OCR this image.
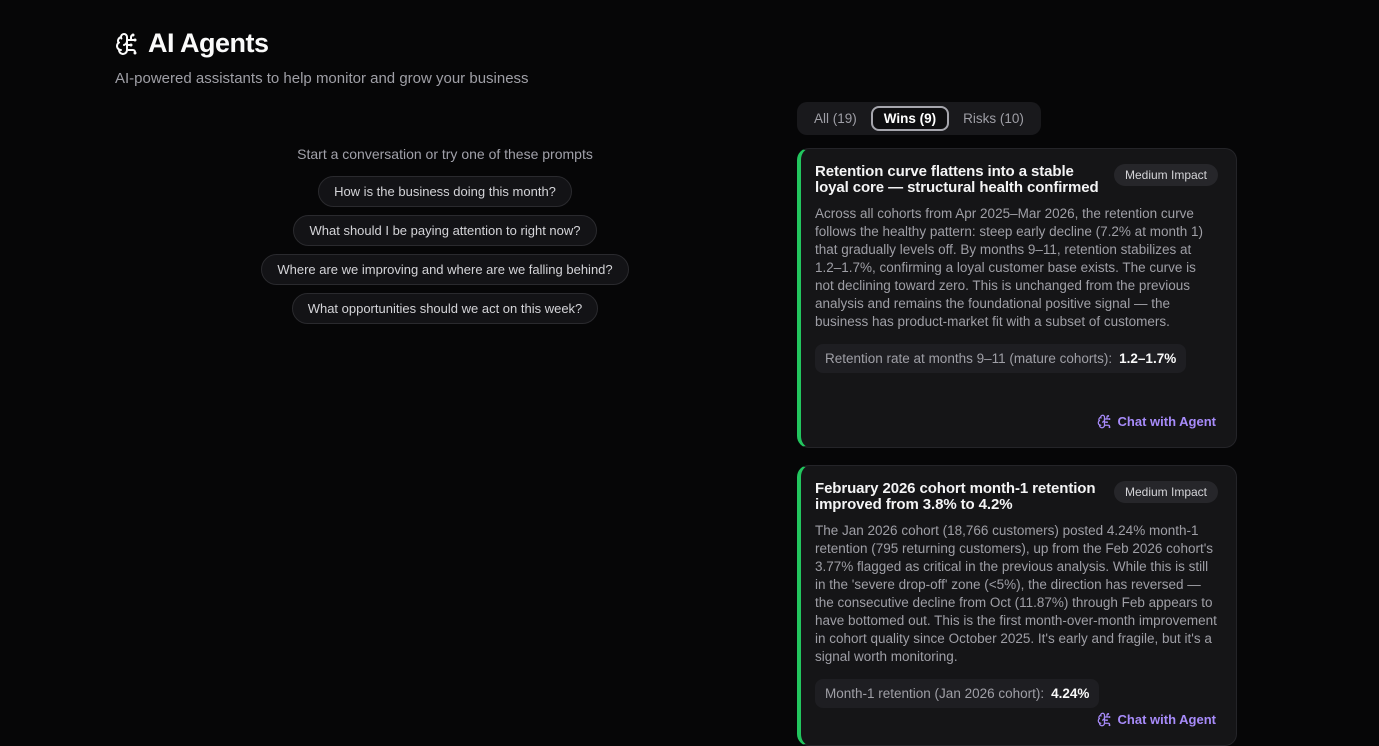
AI Agents
AI-powered assistants to help monitor and grow your business
Start a conversation or try one of these prompts
How is the business doing this month?
What should I be paying attention to right now?
Where are we improving and where are we falling behind?
What opportunities should we act on this week?
All (19)	Wins (9)	Risks (10)
Retention curve flattens into a stable loyal core — structural health confirmed
Medium Impact
Across all cohorts from Apr 2025–Mar 2026, the retention curve follows the healthy pattern: steep early decline (7.2% at month 1) that gradually levels off. By months 9–11, retention stabilizes at 1.2–1.7%, confirming a loyal customer base exists. The curve is not declining toward zero. This is unchanged from the previous analysis and remains the foundational positive signal — the business has product-market fit with a subset of customers.
Retention rate at months 9–11 (mature cohorts): 1.2–1.7%
Chat with Agent
February 2026 cohort month-1 retention improved from 3.8% to 4.2%
Medium Impact
The Jan 2026 cohort (18,766 customers) posted 4.24% month-1 retention (795 returning customers), up from the Feb 2026 cohort's 3.77% flagged as critical in the previous analysis. While this is still in the 'severe drop-off' zone (<5%), the direction has reversed — the consecutive decline from Oct (11.87%) through Feb appears to have bottomed out. This is the first month-over-month improvement in cohort quality since October 2025. It's early and fragile, but it's a signal worth monitoring.
Month-1 retention (Jan 2026 cohort): 4.24%
Chat with Agent
